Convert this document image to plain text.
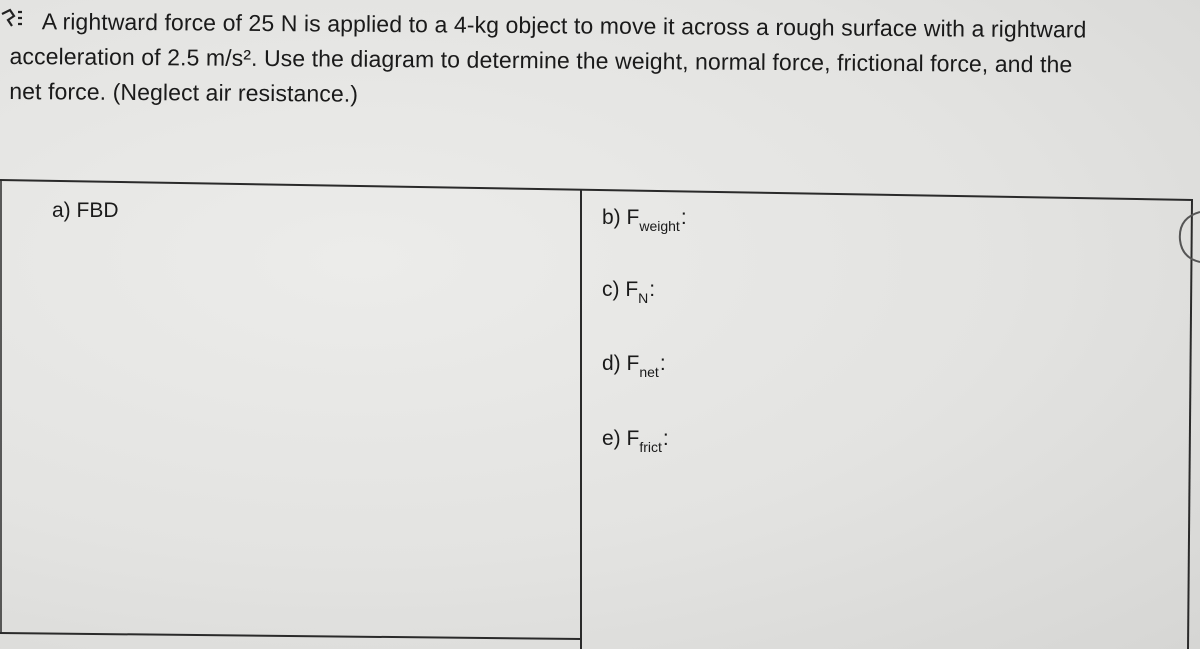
A rightward force of 25 N is applied to a 4-kg object to move it across a rough surface with a rightward
acceleration of 2.5 m/s². Use the diagram to determine the weight, normal force, frictional force, and the
net force. (Neglect air resistance.)
a) FBD	b) $F_{weight}$:
c) $F_N$:
d) $F_{net}$:
e) $F_{frict}$:
